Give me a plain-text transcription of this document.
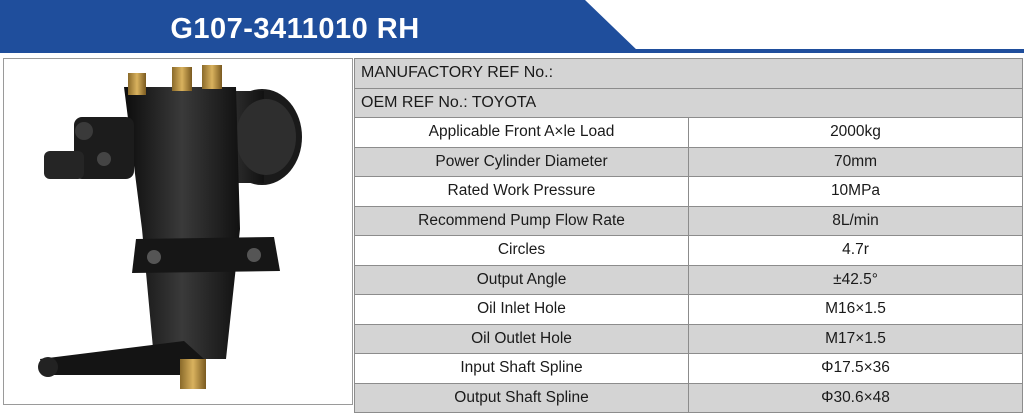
G107-3411010 RH
MANUFACTORY REF No.:	
OEM REF No.: TOYOTA	
Applicable Front A×le Load	2000kg
Power Cylinder Diameter	70mm
Rated Work Pressure	10MPa
Recommend Pump Flow Rate	8L/min
Circles	4.7r
Output Angle	±42.5°
Oil Inlet Hole	M16×1.5
Oil Outlet Hole	M17×1.5
Input Shaft Spline	Φ17.5×36
Output Shaft Spline	Φ30.6×48
